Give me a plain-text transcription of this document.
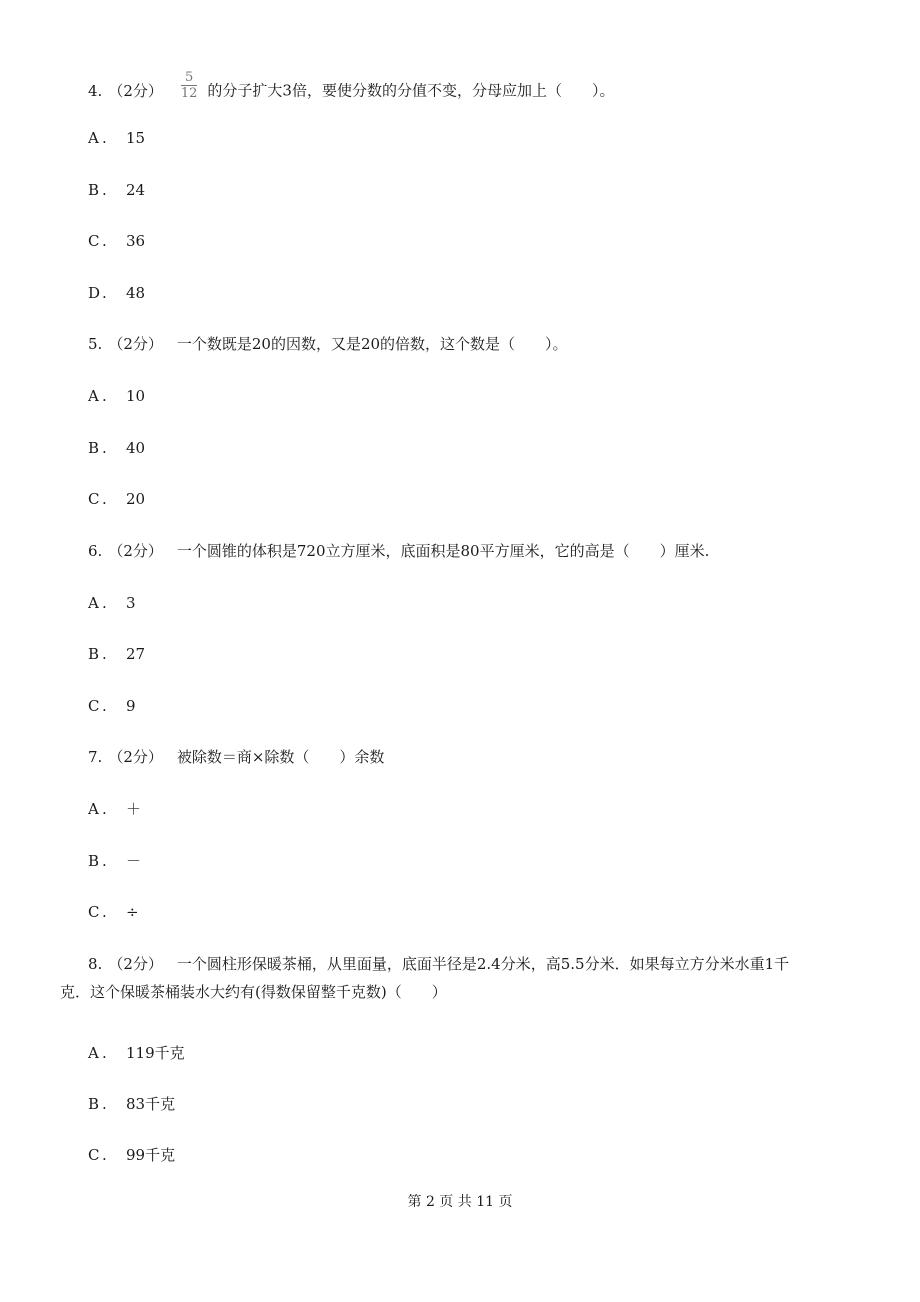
4. （2分） $\frac{5}{12}$ 的分子扩大3倍，要使分数的分值不变，分母应加上（　　）。
A . 15
B . 24
C . 36
D . 48
5. （2分） 一个数既是20的因数，又是20的倍数，这个数是（　　）。
A . 10
B . 40
C . 20
6. （2分） 一个圆锥的体积是720立方厘米，底面积是80平方厘米，它的高是（　　）厘米.
A . 3
B . 27
C . 9
7. （2分） 被除数＝商×除数（　　）余数
A . ＋
B . －
C . ÷
8. （2分） 一个圆柱形保暖茶桶，从里面量，底面半径是2.4分米，高5.5分米．如果每立方分米水重1千
克．这个保暖茶桶装水大约有(得数保留整千克数)（　　）
A . 119千克
B . 83千克
C . 99千克
第 2 页 共 11 页
